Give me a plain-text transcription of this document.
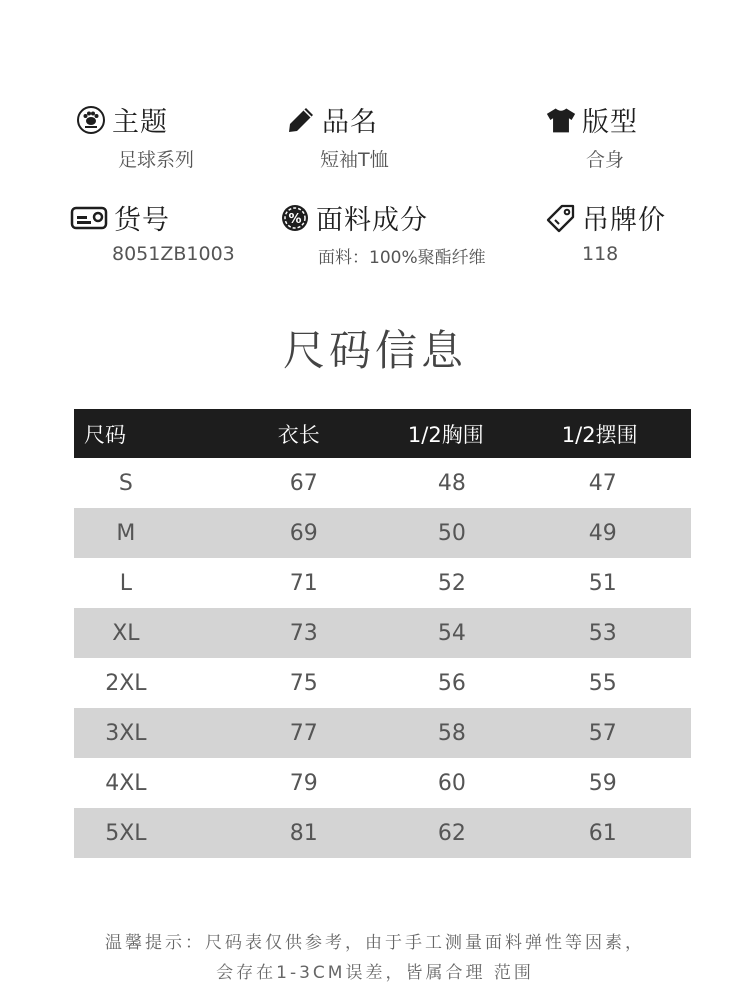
主题
足球系列
品名
短袖T恤
版型
合身
货号
8051ZB1003
% 面料成分
面料：100%聚酯纤维
吊牌价
118
尺码信息
尺码	衣长	1/2胸围	1/2摆围
S	67	48	47
M	69	50	49
L	71	52	51
XL	73	54	53
2XL	75	56	55
3XL	77	58	57
4XL	79	60	59
5XL	81	62	61
温馨提示：尺码表仅供参考，由于手工测量面料弹性等因素，
会存在1-3CM误差，皆属合理 范围
